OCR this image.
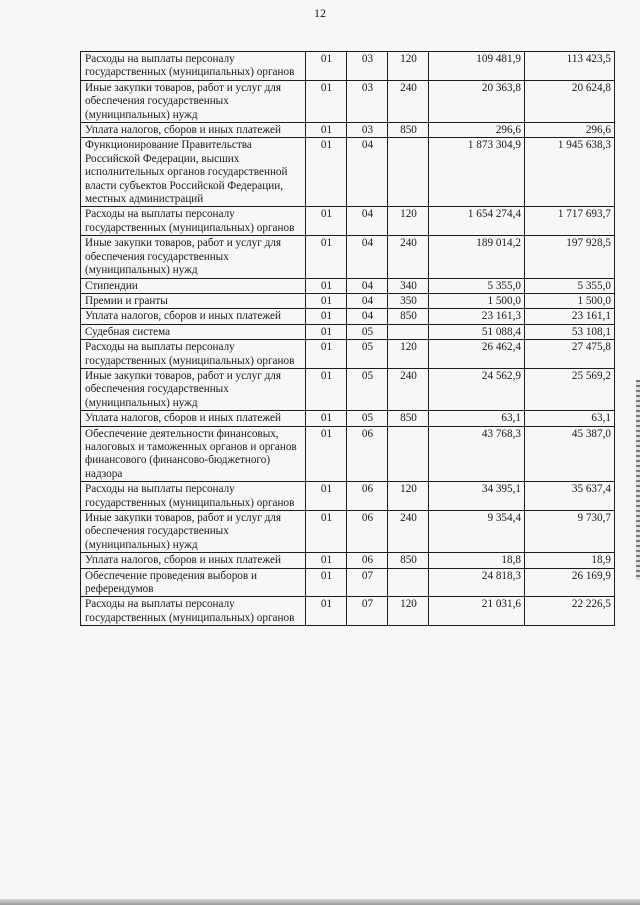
12
Расходы на выплаты персоналу государственных (муниципальных) органов	01	03	120	109 481,9	113 423,5
Иные закупки товаров, работ и услуг для обеспечения государственных (муниципальных) нужд	01	03	240	20 363,8	20 624,8
Уплата налогов, сборов и иных платежей	01	03	850	296,6	296,6
Функционирование Правительства Российской Федерации, высших исполнительных органов государственной власти субъектов Российской Федерации, местных администраций	01	04		1 873 304,9	1 945 638,3
Расходы на выплаты персоналу государственных (муниципальных) органов	01	04	120	1 654 274,4	1 717 693,7
Иные закупки товаров, работ и услуг для обеспечения государственных (муниципальных) нужд	01	04	240	189 014,2	197 928,5
Стипендии	01	04	340	5 355,0	5 355,0
Премии и гранты	01	04	350	1 500,0	1 500,0
Уплата налогов, сборов и иных платежей	01	04	850	23 161,3	23 161,1
Судебная система	01	05		51 088,4	53 108,1
Расходы на выплаты персоналу государственных (муниципальных) органов	01	05	120	26 462,4	27 475,8
Иные закупки товаров, работ и услуг для обеспечения государственных (муниципальных) нужд	01	05	240	24 562,9	25 569,2
Уплата налогов, сборов и иных платежей	01	05	850	63,1	63,1
Обеспечение деятельности финансовых, налоговых и таможенных органов и органов финансового (финансово-бюджетного) надзора	01	06		43 768,3	45 387,0
Расходы на выплаты персоналу государственных (муниципальных) органов	01	06	120	34 395,1	35 637,4
Иные закупки товаров, работ и услуг для обеспечения государственных (муниципальных) нужд	01	06	240	9 354,4	9 730,7
Уплата налогов, сборов и иных платежей	01	06	850	18,8	18,9
Обеспечение проведения выборов и референдумов	01	07		24 818,3	26 169,9
Расходы на выплаты персоналу государственных (муниципальных) органов	01	07	120	21 031,6	22 226,5
